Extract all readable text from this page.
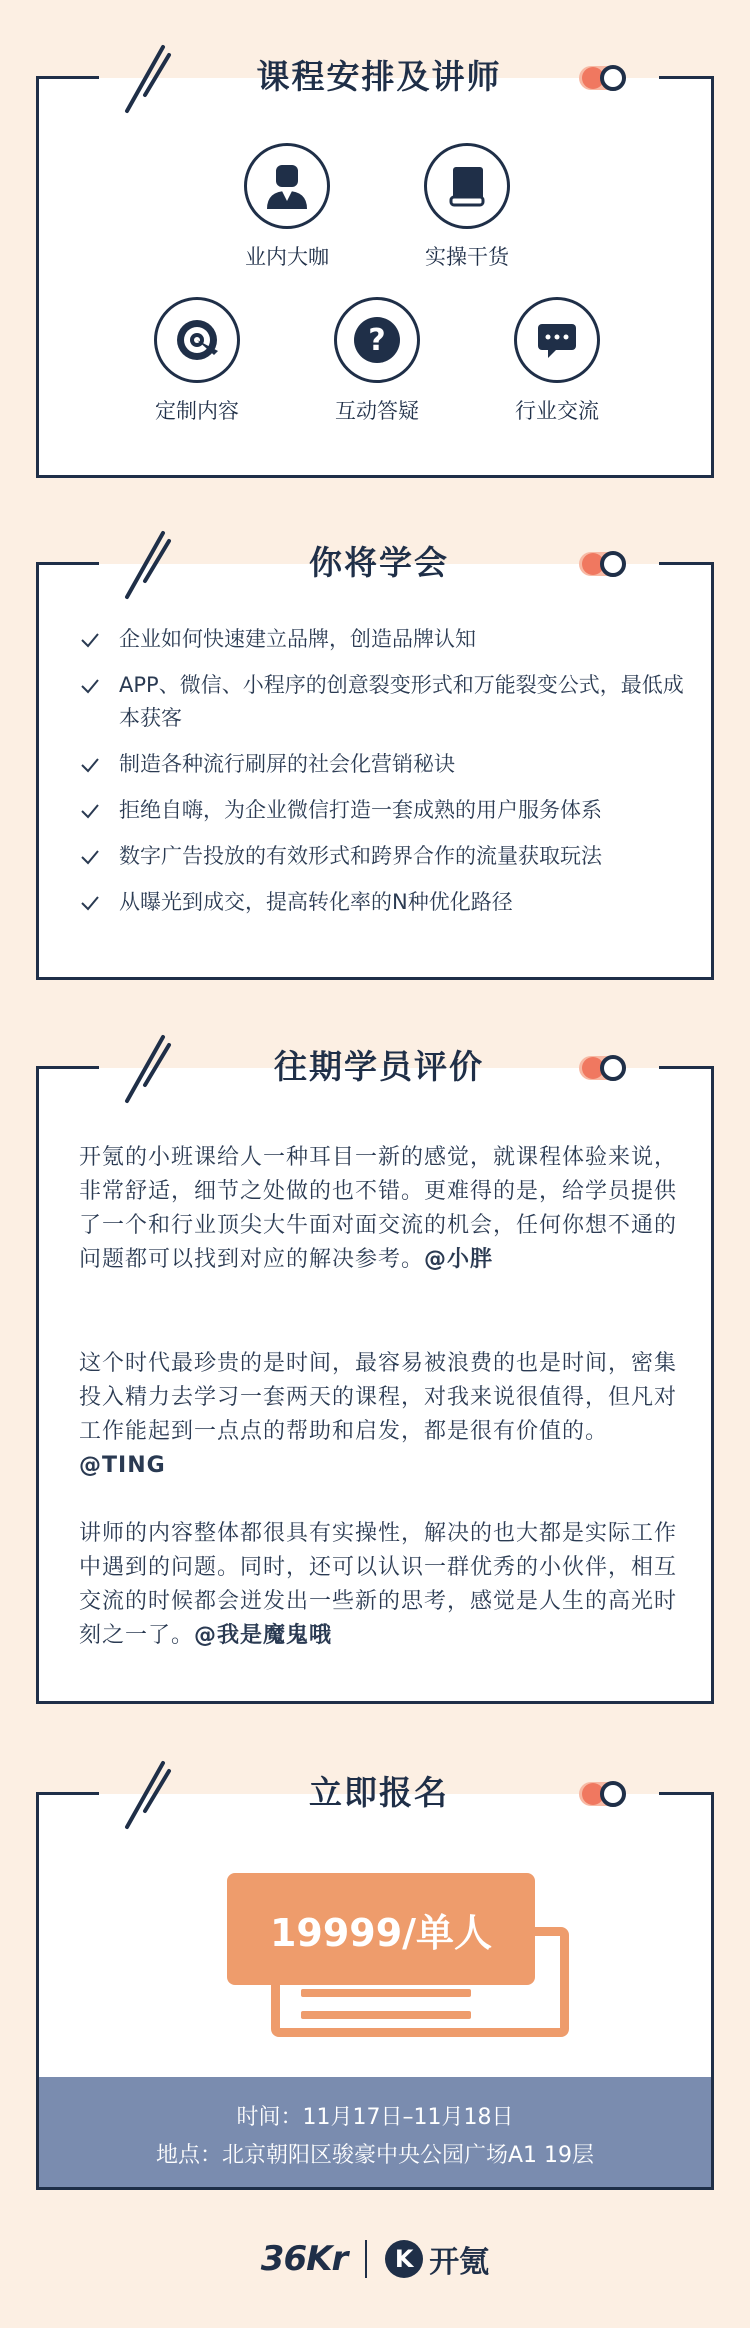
课程安排及讲师
业内大咖	实操干货
定制内容
?
互动答疑	行业交流
你将学会
企业如何快速建立品牌，创造品牌认知
APP、微信、小程序的创意裂变形式和万能裂变公式，最低成本获客
制造各种流行刷屏的社会化营销秘诀
拒绝自嗨，为企业微信打造一套成熟的用户服务体系
数字广告投放的有效形式和跨界合作的流量获取玩法
从曝光到成交，提高转化率的N种优化路径
往期学员评价

开氪的小班课给人一种耳目一新的感觉，就课程体验来说，非常舒适，细节之处做的也不错。更难得的是，给学员提供了一个和行业顶尖大牛面对面交流的机会，任何你想不通的问题都可以找到对应的解决参考。@小胖

这个时代最珍贵的是时间，最容易被浪费的也是时间，密集投入精力去学习一套两天的课程，对我来说很值得，但凡对工作能起到一点点的帮助和启发，都是很有价值的。@TING

讲师的内容整体都很具有实操性，解决的也大都是实际工作中遇到的问题。同时，还可以认识一群优秀的小伙伴，相互交流的时候都会迸发出一些新的思考，感觉是人生的高光时刻之一了。@我是魔鬼哦

立即报名
19999/单人
时间：11月17日–11月18日
地点：北京朝阳区骏豪中央公园广场A1 19层
36Kr	K 开氪
